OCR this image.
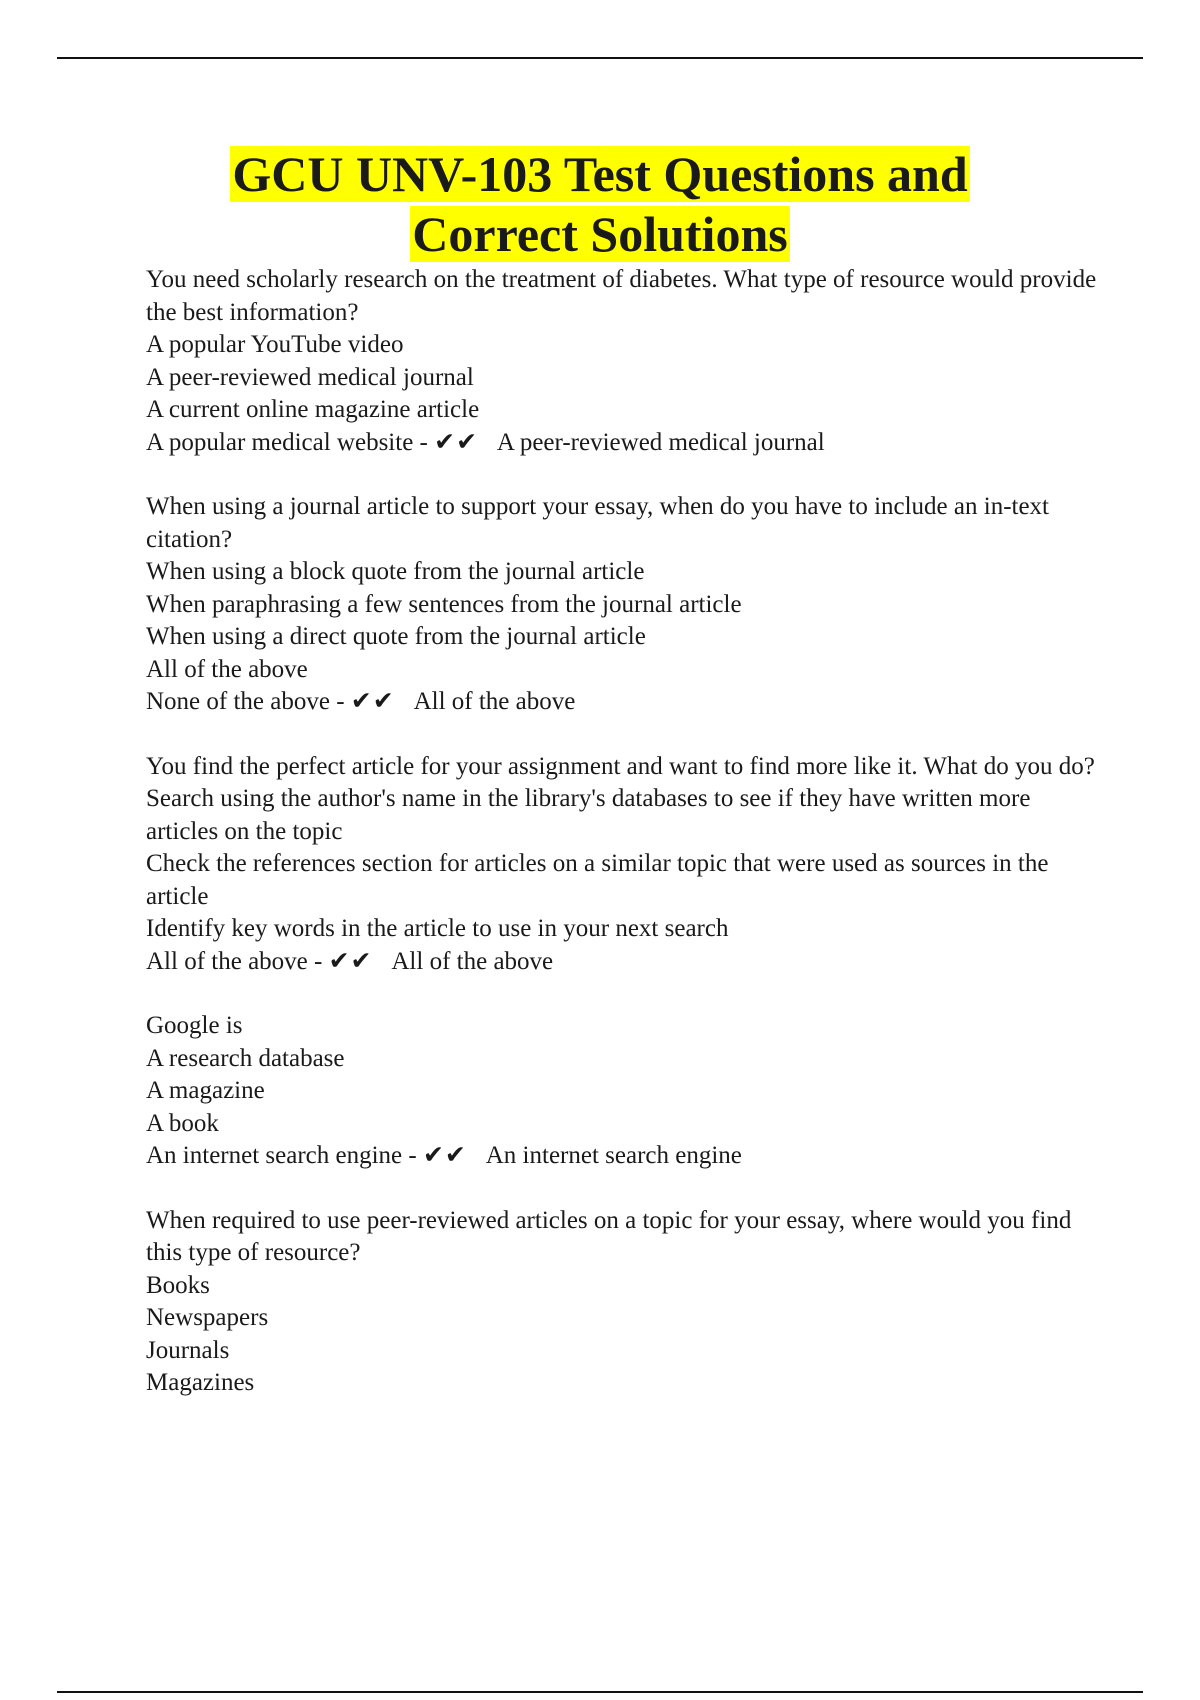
GCU UNV-103 Test Questions and
Correct Solutions
You need scholarly research on the treatment of diabetes. What type of resource would provide the best information?
A popular YouTube video
A peer-reviewed medical journal
A current online magazine article
A popular medical website - ✔✔ A peer-reviewed medical journal
When using a journal article to support your essay, when do you have to include an in-text citation?
When using a block quote from the journal article
When paraphrasing a few sentences from the journal article
When using a direct quote from the journal article
All of the above
None of the above - ✔✔ All of the above
You find the perfect article for your assignment and want to find more like it. What do you do?
Search using the author's name in the library's databases to see if they have written more articles on the topic
Check the references section for articles on a similar topic that were used as sources in the article
Identify key words in the article to use in your next search
All of the above - ✔✔ All of the above
Google is
A research database
A magazine
A book
An internet search engine - ✔✔ An internet search engine
When required to use peer-reviewed articles on a topic for your essay, where would you find this type of resource?
Books
Newspapers
Journals
Magazines
